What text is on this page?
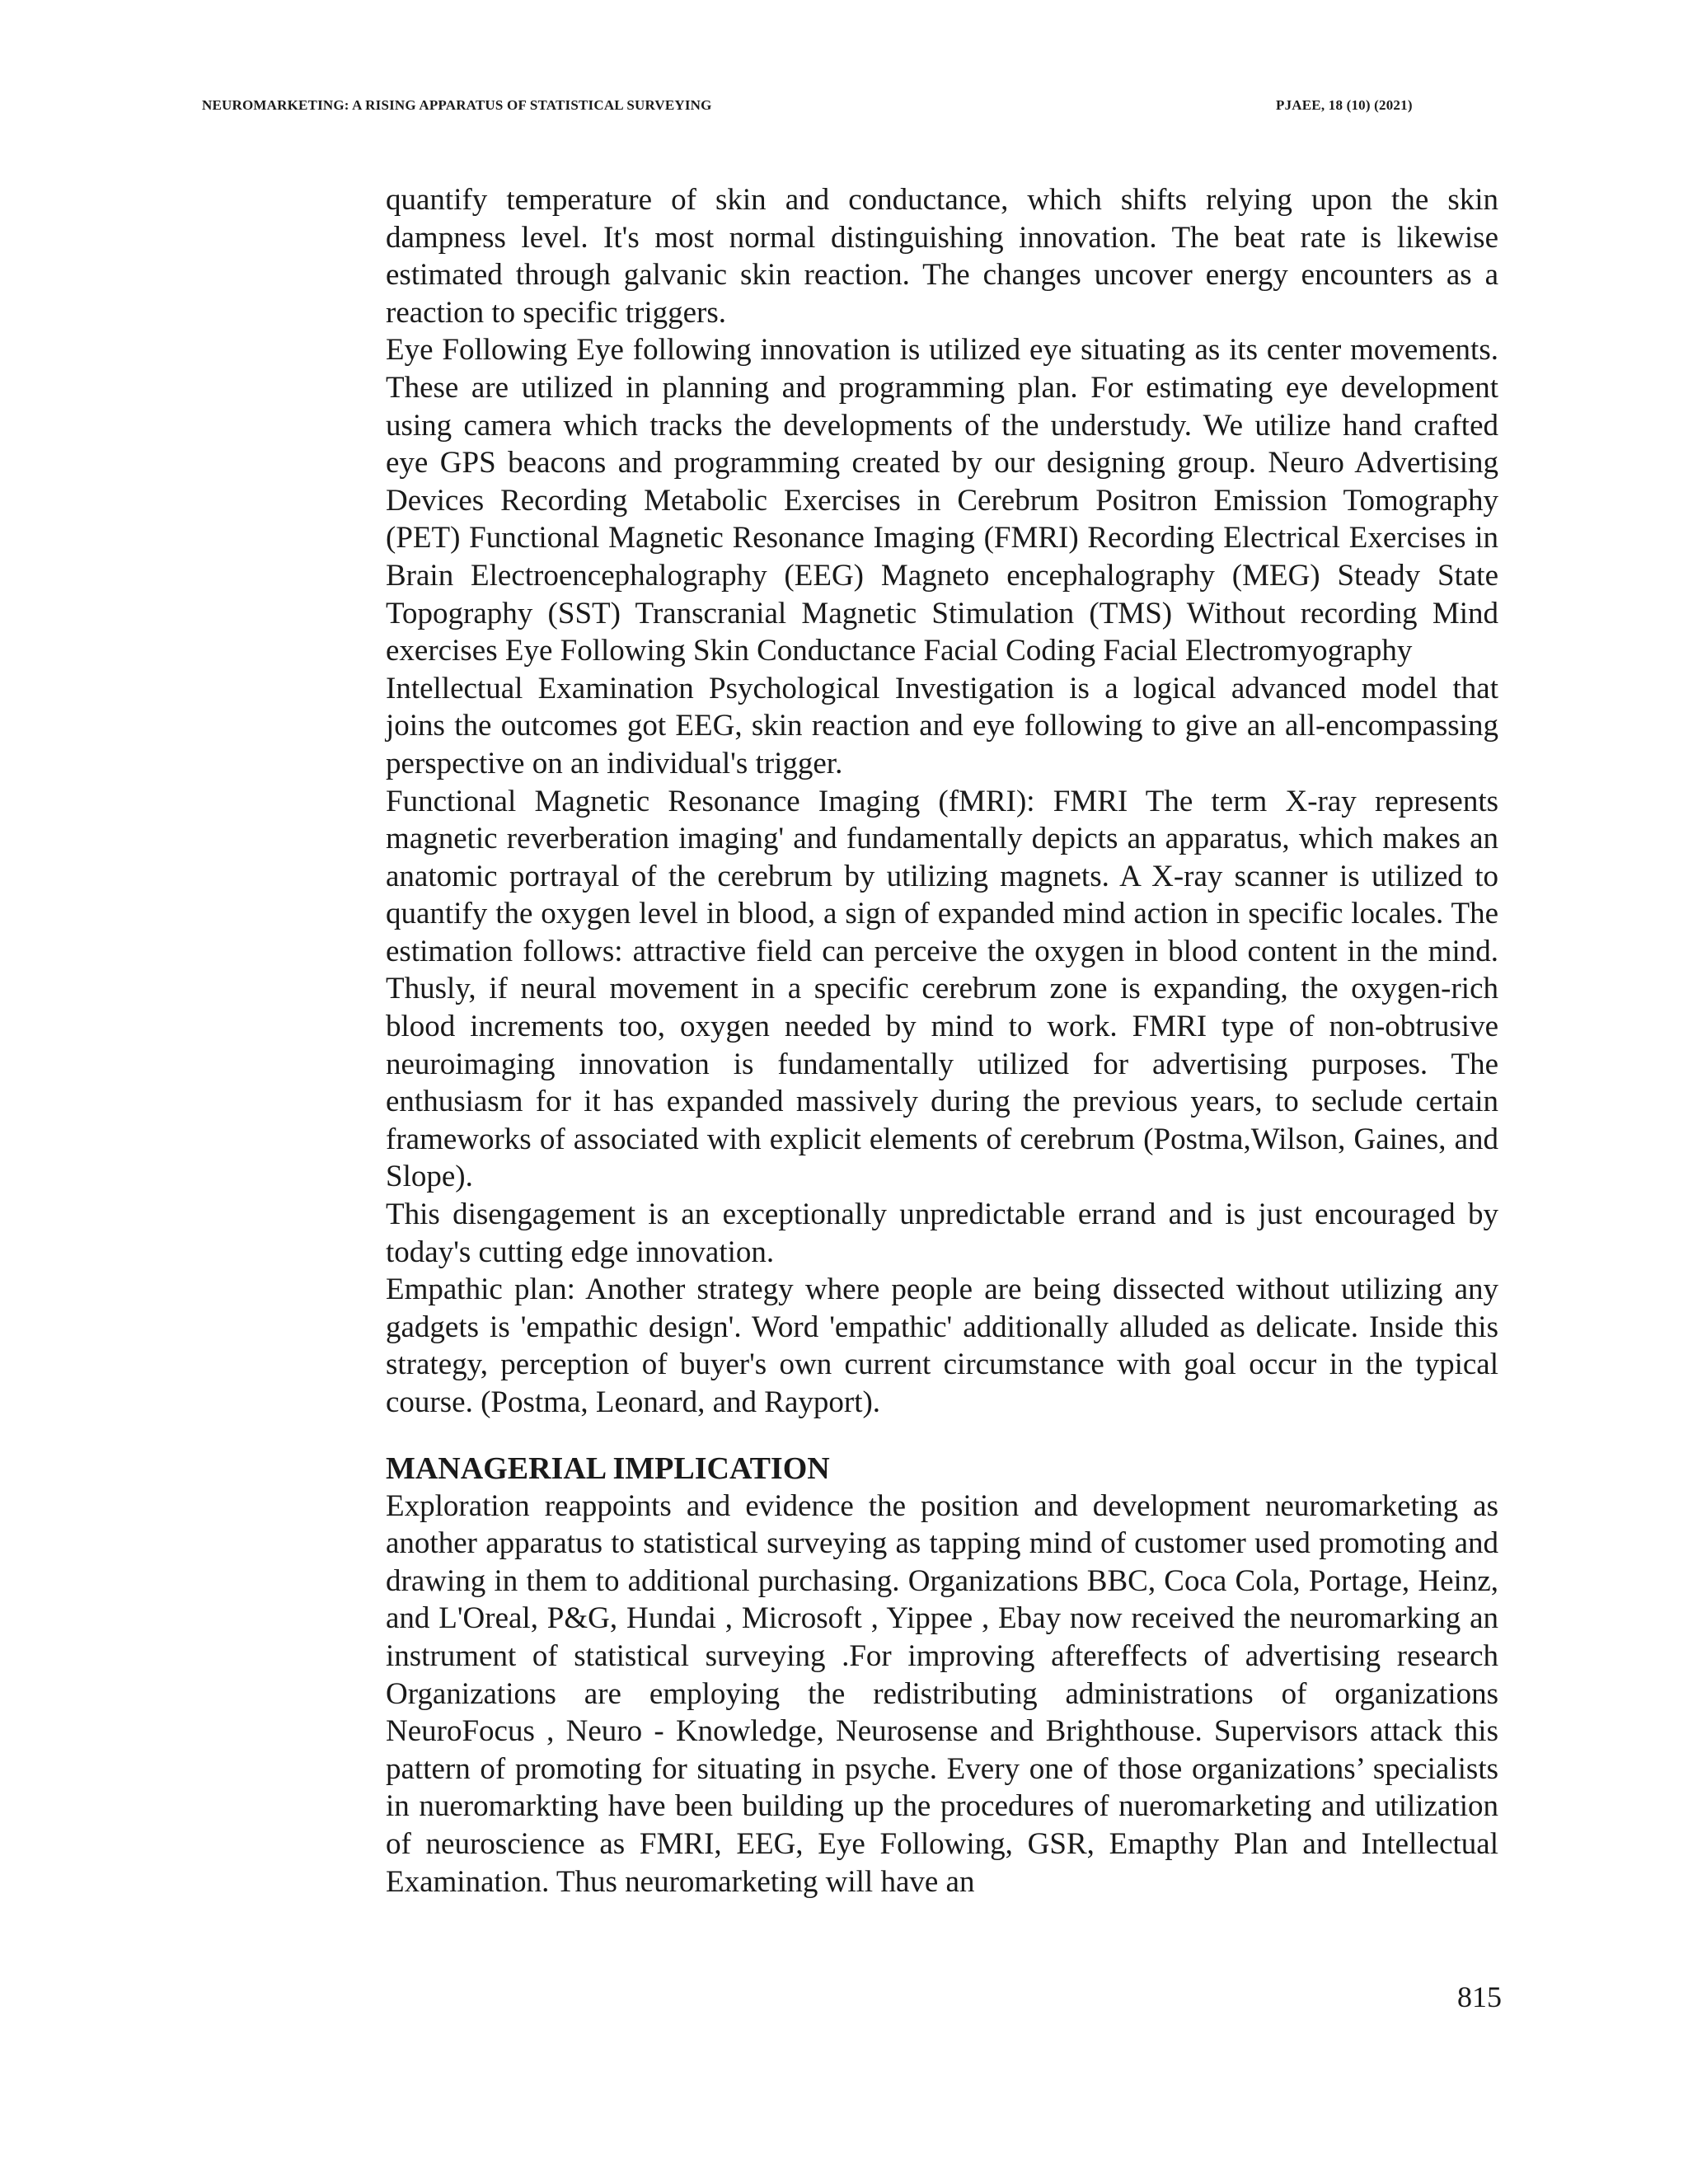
NEUROMARKETING: A RISING APPARATUS OF STATISTICAL SURVEYING	PJAEE, 18 (10) (2021)

quantify temperature of skin and conductance, which shifts relying upon the skin dampness level. It's most normal distinguishing innovation. The beat rate is likewise estimated through galvanic skin reaction. The changes uncover energy encounters as a reaction to specific triggers.

Eye Following Eye following innovation is utilized eye situating as its center movements. These are utilized in planning and programming plan. For estimating eye development using camera which tracks the developments of the understudy. We utilize hand crafted eye GPS beacons and programming created by our designing group. Neuro Advertising Devices Recording Metabolic Exercises in Cerebrum Positron Emission Tomography (PET) Functional Magnetic Resonance Imaging (FMRI) Recording Electrical Exercises in Brain Electroencephalography (EEG) Magneto encephalography (MEG) Steady State Topography (SST) Transcranial Magnetic Stimulation (TMS) Without recording Mind exercises Eye Following Skin Conductance Facial Coding Facial Electromyography

Intellectual Examination Psychological Investigation is a logical advanced model that joins the outcomes got EEG, skin reaction and eye following to give an all-encompassing perspective on an individual's trigger.

Functional Magnetic Resonance Imaging (fMRI): FMRI The term X-ray represents magnetic reverberation imaging' and fundamentally depicts an apparatus, which makes an anatomic portrayal of the cerebrum by utilizing magnets. A X-ray scanner is utilized to quantify the oxygen level in blood, a sign of expanded mind action in specific locales. The estimation follows: attractive field can perceive the oxygen in blood content in the mind. Thusly, if neural movement in a specific cerebrum zone is expanding, the oxygen-rich blood increments too, oxygen needed by mind to work. FMRI type of non-obtrusive neuroimaging innovation is fundamentally utilized for advertising purposes. The enthusiasm for it has expanded massively during the previous years, to seclude certain frameworks of associated with explicit elements of cerebrum (Postma,Wilson, Gaines, and Slope).

This disengagement is an exceptionally unpredictable errand and is just encouraged by today's cutting edge innovation.

Empathic plan: Another strategy where people are being dissected without utilizing any gadgets is 'empathic design'. Word 'empathic' additionally alluded as delicate. Inside this strategy, perception of buyer's own current circumstance with goal occur in the typical course. (Postma, Leonard, and Rayport).

MANAGERIAL IMPLICATION

Exploration reappoints and evidence the position and development neuromarketing as another apparatus to statistical surveying as tapping mind of customer used promoting and drawing in them to additional purchasing. Organizations BBC, Coca Cola, Portage, Heinz, and L'Oreal, P&G, Hundai , Microsoft , Yippee , Ebay now received the neuromarking an instrument of statistical surveying .For improving aftereffects of advertising research Organizations are employing the redistributing administrations of organizations NeuroFocus , Neuro - Knowledge, Neurosense and Brighthouse. Supervisors attack this pattern of promoting for situating in psyche. Every one of those organizations’ specialists in nueromarkting have been building up the procedures of nueromarketing and utilization of neuroscience as FMRI, EEG, Eye Following, GSR, Emapthy Plan and Intellectual Examination. Thus neuromarketing will have an

815
